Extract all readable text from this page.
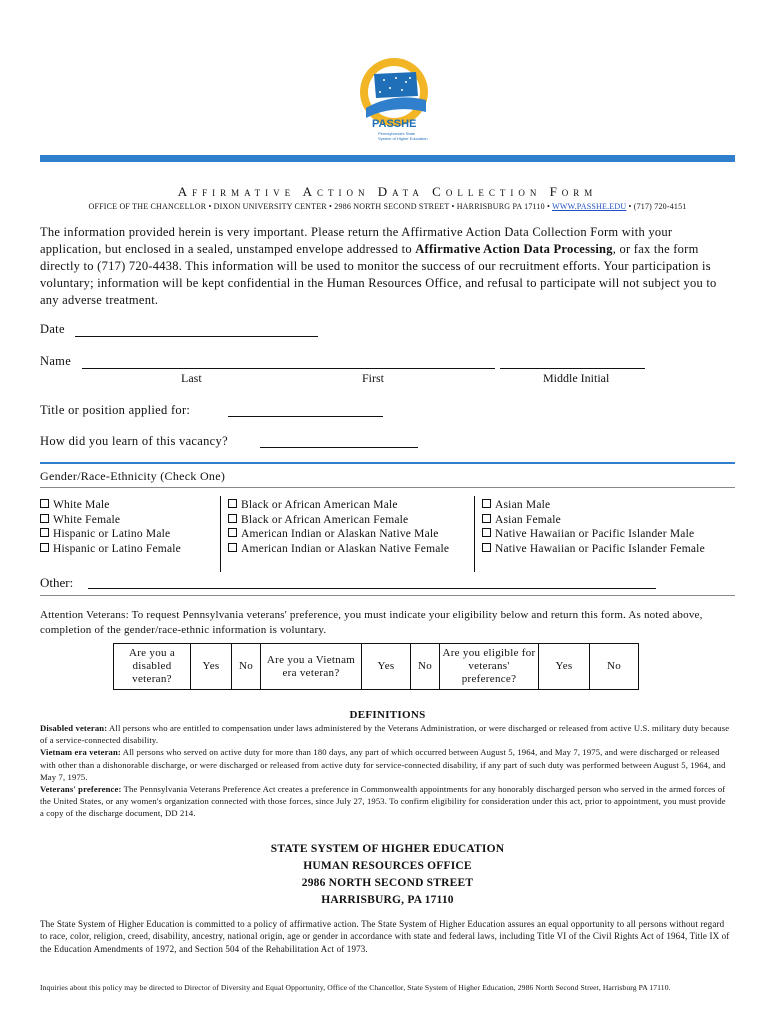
PASSHE
Pennsylvania's State System of Higher Education
Affirmative Action Data Collection Form
OFFICE OF THE CHANCELLOR • DIXON UNIVERSITY CENTER • 2986 NORTH SECOND STREET • HARRISBURG PA 17110 • WWW.PASSHE.EDU • (717) 720-4151
The information provided herein is very important. Please return the Affirmative Action Data Collection Form with your application, but enclosed in a sealed, unstamped envelope addressed to Affirmative Action Data Processing, or fax the form directly to (717) 720-4438. This information will be used to monitor the success of our recruitment efforts. Your participation is voluntary; information will be kept confidential in the Human Resources Office, and refusal to participate will not subject you to any adverse treatment.
Date
Name
Last	First	Middle Initial
Title or position applied for:
How did you learn of this vacancy?
Gender/Race-Ethnicity (Check One)
White Male
White Female
Hispanic or Latino Male
Hispanic or Latino Female
Black or African American Male
Black or African American Female
American Indian or Alaskan Native Male
American Indian or Alaskan Native Female
Asian Male
Asian Female
Native Hawaiian or Pacific Islander Male
Native Hawaiian or Pacific Islander Female
Other:
Attention Veterans: To request Pennsylvania veterans' preference, you must indicate your eligibility below and return this form. As noted above, completion of the gender/race-ethnic information is voluntary.
Are you a disabled veteran?	Yes	No	Are you a Vietnam era veteran?	Yes	No	Are you eligible for veterans' preference?	Yes	No
DEFINITIONS
Disabled veteran: All persons who are entitled to compensation under laws administered by the Veterans Administration, or were discharged or released from active U.S. military duty because of a service-connected disability.
Vietnam era veteran: All persons who served on active duty for more than 180 days, any part of which occurred between August 5, 1964, and May 7, 1975, and were discharged or released with other than a dishonorable discharge, or were discharged or released from active duty for service-connected disability, if any part of such duty was performed between August 5, 1964, and May 7, 1975.
Veterans' preference: The Pennsylvania Veterans Preference Act creates a preference in Commonwealth appointments for any honorably discharged person who served in the armed forces of the United States, or any women's organization connected with those forces, since July 27, 1953. To confirm eligibility for consideration under this act, prior to appointment, you must provide a copy of the discharge document, DD 214.
STATE SYSTEM OF HIGHER EDUCATION
HUMAN RESOURCES OFFICE
2986 NORTH SECOND STREET
HARRISBURG, PA 17110
The State System of Higher Education is committed to a policy of affirmative action. The State System of Higher Education assures an equal opportunity to all persons without regard to race, color, religion, creed, disability, ancestry, national origin, age or gender in accordance with state and federal laws, including Title VI of the Civil Rights Act of 1964, Title IX of the Education Amendments of 1972, and Section 504 of the Rehabilitation Act of 1973.
Inquiries about this policy may be directed to Director of Diversity and Equal Opportunity, Office of the Chancellor, State System of Higher Education, 2986 North Second Street, Harrisburg PA 17110.
